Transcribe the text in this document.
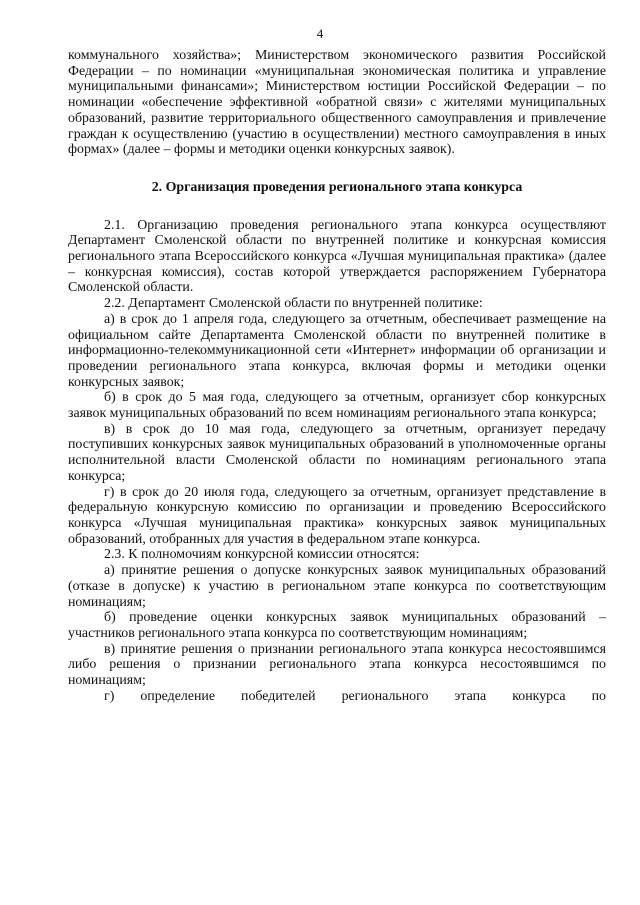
4

коммунального хозяйства»; Министерством экономического развития Российской Федерации – по номинации «муниципальная экономическая политика и управление муниципальными финансами»; Министерством юстиции Российской Федерации – по номинации «обеспечение эффективной «обратной связи» с жителями муниципальных образований, развитие территориального общественного самоуправления и привлечение граждан к осуществлению (участию в осуществлении) местного самоуправления в иных формах» (далее – формы и методики оценки конкурсных заявок).

2. Организация проведения регионального этапа конкурса

2.1. Организацию проведения регионального этапа конкурса осуществляют Департамент Смоленской области по внутренней политике и конкурсная комиссия регионального этапа Всероссийского конкурса «Лучшая муниципальная практика» (далее – конкурсная комиссия), состав которой утверждается распоряжением Губернатора Смоленской области.

2.2. Департамент Смоленской области по внутренней политике:

а) в срок до 1 апреля года, следующего за отчетным, обеспечивает размещение на официальном сайте Департамента Смоленской области по внутренней политике в информационно-телекоммуникационной сети «Интернет» информации об организации и проведении регионального этапа конкурса, включая формы и методики оценки конкурсных заявок;

б) в срок до 5 мая года, следующего за отчетным, организует сбор конкурсных заявок муниципальных образований по всем номинациям регионального этапа конкурса;

в) в срок до 10 мая года, следующего за отчетным, организует передачу поступивших конкурсных заявок муниципальных образований в уполномоченные органы исполнительной власти Смоленской области по номинациям регионального этапа конкурса;

г) в срок до 20 июля года, следующего за отчетным, организует представление в федеральную конкурсную комиссию по организации и проведению Всероссийского конкурса «Лучшая муниципальная практика» конкурсных заявок муниципальных образований, отобранных для участия в федеральном этапе конкурса.

2.3. К полномочиям конкурсной комиссии относятся:

а) принятие решения о допуске конкурсных заявок муниципальных образований (отказе в допуске) к участию в региональном этапе конкурса по соответствующим номинациям;

б) проведение оценки конкурсных заявок муниципальных образований – участников регионального этапа конкурса по соответствующим номинациям;

в) принятие решения о признании регионального этапа конкурса несостоявшимся либо решения о признании регионального этапа конкурса несостоявшимся по номинациям;

г) определение победителей регионального этапа конкурса по
